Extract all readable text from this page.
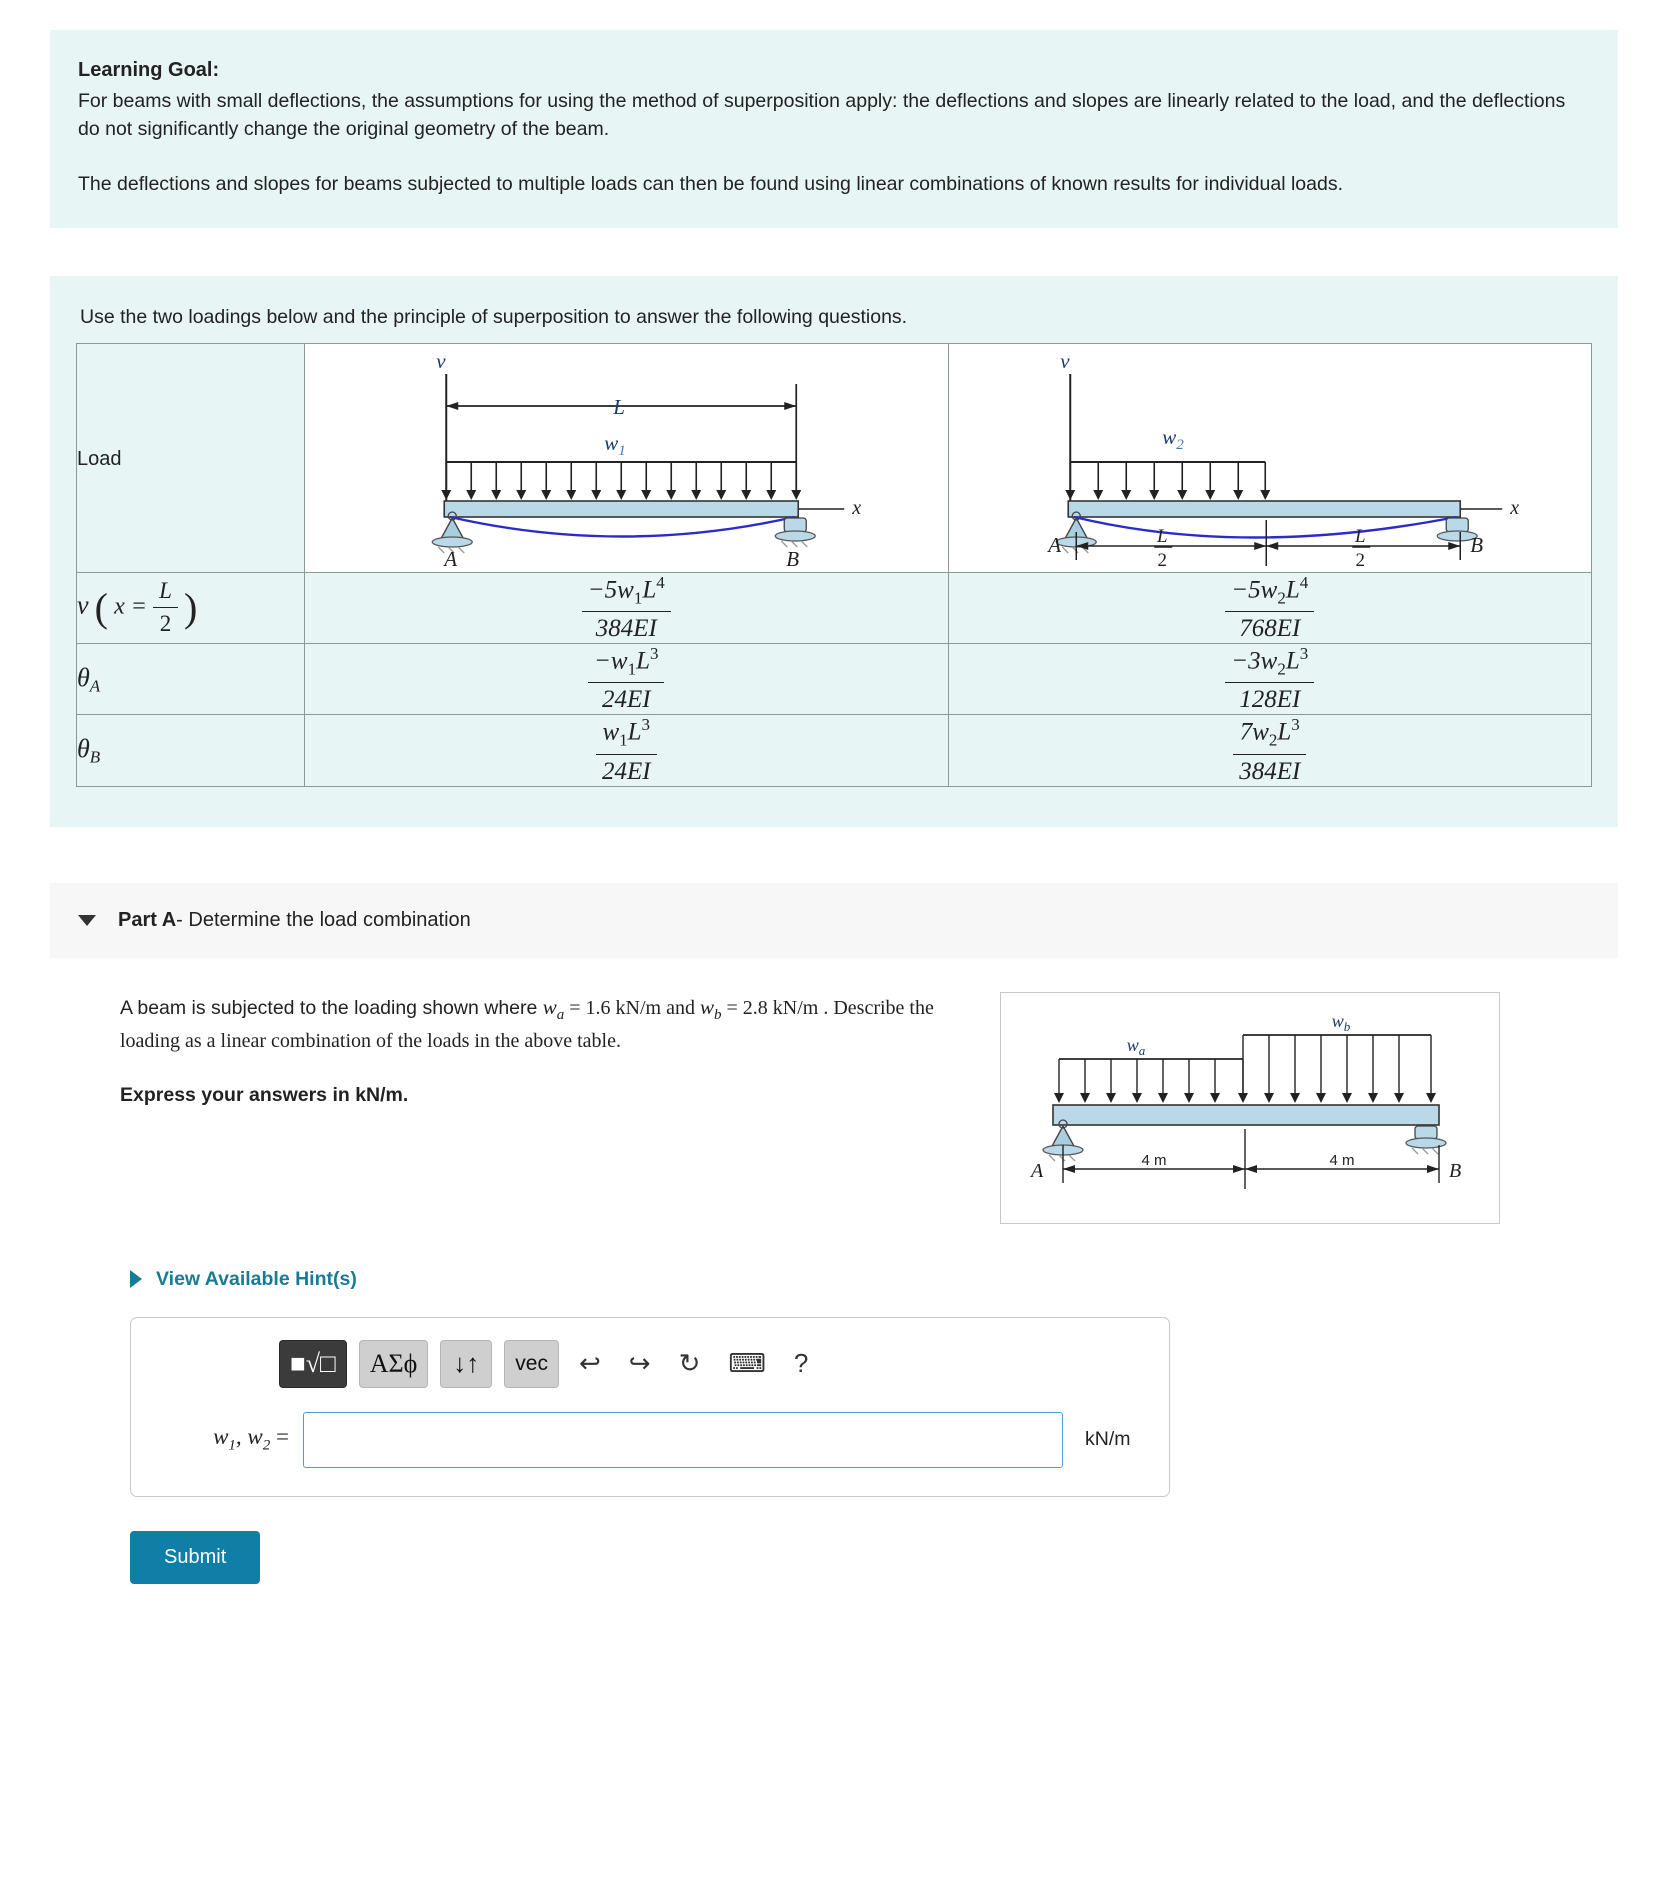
Learning Goal:

For beams with small deflections, the assumptions for using the method of superposition apply: the deflections and slopes are linearly related to the load, and the deflections do not significantly change the original geometry of the beam.

The deflections and slopes for beams subjected to multiple loads can then be found using linear combinations of known results for individual loads.

Use the two loadings below and the principle of superposition to answer the following questions.

Load	
v
x
L
$w_1$
A	B

v
x
$w_2$
A	B
L
2
L
2

v ( $x = \frac{L}{2}$ )	$\frac{-5w_1L^4}{384EI}$	$\frac{-5w_2L^4}{768EI}$

$\theta_A$	$\frac{-w_1L^3}{24EI}$	$\frac{-3w_2L^3}{128EI}$

$\theta_B$	$\frac{w_1L^3}{24EI}$	$\frac{7w_2L^3}{384EI}$
Part A- Determine the load combination

A beam is subjected to the loading shown where $w_a = 1.6$ kN/m and $w_b = 2.8$ kN/m . Describe the loading as a linear combination of the loads in the above table.

Express your answers in kN/m.

$w_a$
$w_b$
A	B
4 m	4 m
View Available Hint(s)
■√□	ΑΣϕ	↓↑	vec	↩	↪	↻	⌨	?
$w_1$, $w_2$ =	kN/m
Submit
